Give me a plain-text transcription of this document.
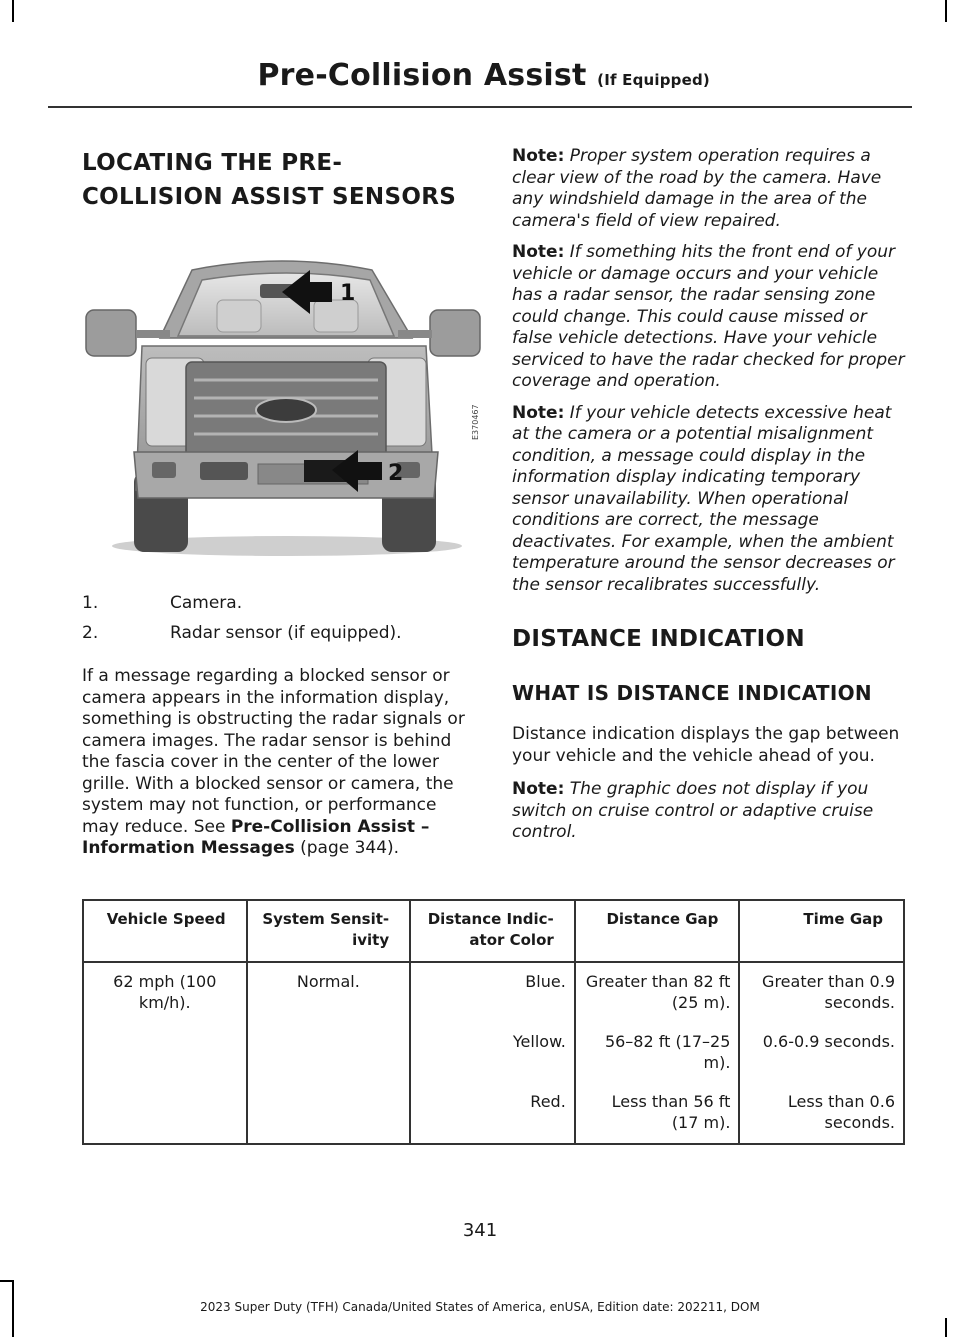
Pre-Collision Assist (If Equipped)
LOCATING THE PRE-
COLLISION ASSIST SENSORS
1
2
E370467
1.	Camera.
2.	Radar sensor (if equipped).

If a message regarding a blocked sensor or camera appears in the information display, something is obstructing the radar signals or camera images. The radar sensor is behind the fascia cover in the center of the lower grille. With a blocked sensor or camera, the system may not function, or performance may reduce. See Pre-Collision Assist – Information Messages (page 344).

Note: Proper system operation requires a clear view of the road by the camera. Have any windshield damage in the area of the camera's field of view repaired.

Note: If something hits the front end of your vehicle or damage occurs and your vehicle has a radar sensor, the radar sensing zone could change. This could cause missed or false vehicle detections. Have your vehicle serviced to have the radar checked for proper coverage and operation.

Note: If your vehicle detects excessive heat at the camera or a potential misalignment condition, a message could display in the information display indicating temporary sensor unavailability. When operational conditions are correct, the message deactivates. For example, when the ambient temperature around the sensor decreases or the sensor recalibrates successfully.

DISTANCE INDICATION
WHAT IS DISTANCE INDICATION

Distance indication displays the gap between your vehicle and the vehicle ahead of you.

Note: The graphic does not display if you switch on cruise control or adaptive cruise control.

Vehicle Speed	System Sensit-ivity	Distance Indic-ator Color	Distance Gap	Time Gap
62 mph (100 km/h).	Normal.	Blue.	Greater than 82 ft (25 m).	Greater than 0.9 seconds.
		Yellow.	56–82 ft (17–25 m).	0.6-0.9 seconds.
		Red.	Less than 56 ft (17 m).	Less than 0.6 seconds.
341
2023 Super Duty (TFH) Canada/United States of America, enUSA, Edition date: 202211, DOM
